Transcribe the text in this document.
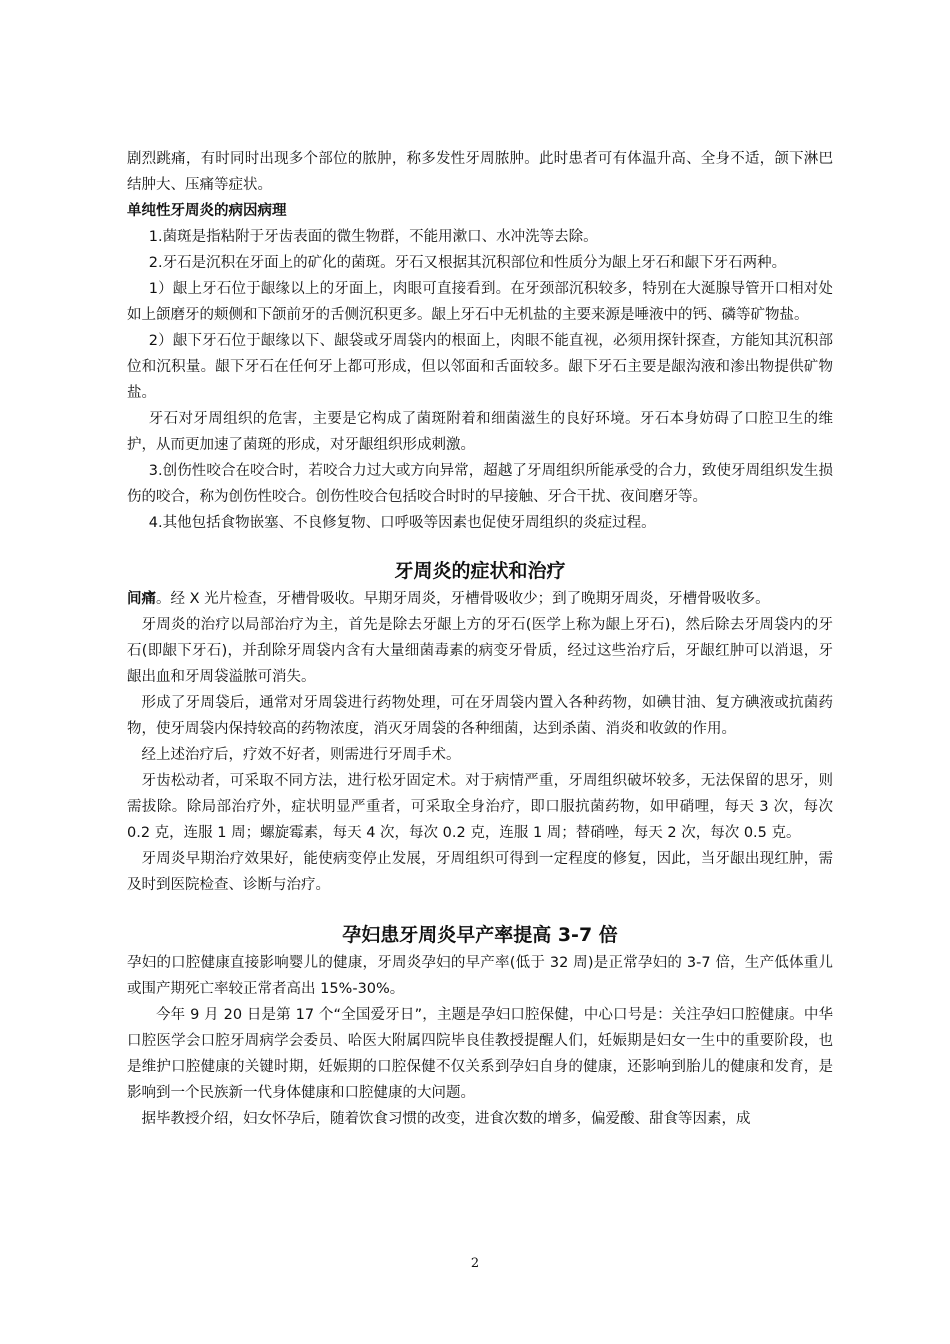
剧烈跳痛，有时同时出现多个部位的脓肿，称多发性牙周脓肿。此时患者可有体温升高、全身不适，颌下淋巴结肿大、压痛等症状。

单纯性牙周炎的病因病理

1.菌斑是指粘附于牙齿表面的微生物群，不能用漱口、水冲洗等去除。

2.牙石是沉积在牙面上的矿化的菌斑。牙石又根据其沉积部位和性质分为龈上牙石和龈下牙石两种。

1）龈上牙石位于龈缘以上的牙面上，肉眼可直接看到。在牙颈部沉积较多，特别在大涎腺导管开口相对处如上颌磨牙的颊侧和下颌前牙的舌侧沉积更多。龈上牙石中无机盐的主要来源是唾液中的钙、磷等矿物盐。

2）龈下牙石位于龈缘以下、龈袋或牙周袋内的根面上，肉眼不能直视，必须用探针探查，方能知其沉积部位和沉积量。龈下牙石在任何牙上都可形成，但以邻面和舌面较多。龈下牙石主要是龈沟液和渗出物提供矿物盐。

牙石对牙周组织的危害，主要是它构成了菌斑附着和细菌滋生的良好环境。牙石本身妨碍了口腔卫生的维护，从而更加速了菌斑的形成，对牙龈组织形成刺激。

3.创伤性咬合在咬合时，若咬合力过大或方向异常，超越了牙周组织所能承受的合力，致使牙周组织发生损伤的咬合，称为创伤性咬合。创伤性咬合包括咬合时时的早接触、牙合干扰、夜间磨牙等。

4.其他包括食物嵌塞、不良修复物、口呼吸等因素也促使牙周组织的炎症过程。

牙周炎的症状和治疗

间痛。经 X 光片检查，牙槽骨吸收。早期牙周炎，牙槽骨吸收少；到了晚期牙周炎，牙槽骨吸收多。

牙周炎的治疗以局部治疗为主，首先是除去牙龈上方的牙石(医学上称为龈上牙石)，然后除去牙周袋内的牙石(即龈下牙石)，并刮除牙周袋内含有大量细菌毒素的病变牙骨质，经过这些治疗后，牙龈红肿可以消退，牙龈出血和牙周袋溢脓可消失。

形成了牙周袋后，通常对牙周袋进行药物处理，可在牙周袋内置入各种药物，如碘甘油、复方碘液或抗菌药物，使牙周袋内保持较高的药物浓度，消灭牙周袋的各种细菌，达到杀菌、消炎和收敛的作用。

经上述治疗后，疗效不好者，则需进行牙周手术。

牙齿松动者，可采取不同方法，进行松牙固定术。对于病情严重，牙周组织破坏较多，无法保留的思牙，则需拔除。除局部治疗外，症状明显严重者，可采取全身治疗，即口服抗菌药物，如甲硝哩，每天 3 次，每次 0.2 克，连服 1 周；螺旋霉素，每天 4 次，每次 0.2 克，连服 1 周；替硝唑，每天 2 次，每次 0.5 克。

牙周炎早期治疗效果好，能使病变停止发展，牙周组织可得到一定程度的修复，因此，当牙龈出现红肿，需及时到医院检查、诊断与治疗。

孕妇患牙周炎早产率提高 3-7 倍

孕妇的口腔健康直接影响婴儿的健康，牙周炎孕妇的早产率(低于 32 周)是正常孕妇的 3-7 倍，生产低体重儿或围产期死亡率较正常者高出 15%-30%。

今年 9 月 20 日是第 17 个“全国爱牙日”，主题是孕妇口腔保健，中心口号是：关注孕妇口腔健康。中华口腔医学会口腔牙周病学会委员、哈医大附属四院毕良佳教授提醒人们，妊娠期是妇女一生中的重要阶段，也是维护口腔健康的关键时期，妊娠期的口腔保健不仅关系到孕妇自身的健康，还影响到胎儿的健康和发育，是影响到一个民族新一代身体健康和口腔健康的大问题。

据毕教授介绍，妇女怀孕后，随着饮食习惯的改变，进食次数的增多，偏爱酸、甜食等因素，成

2
